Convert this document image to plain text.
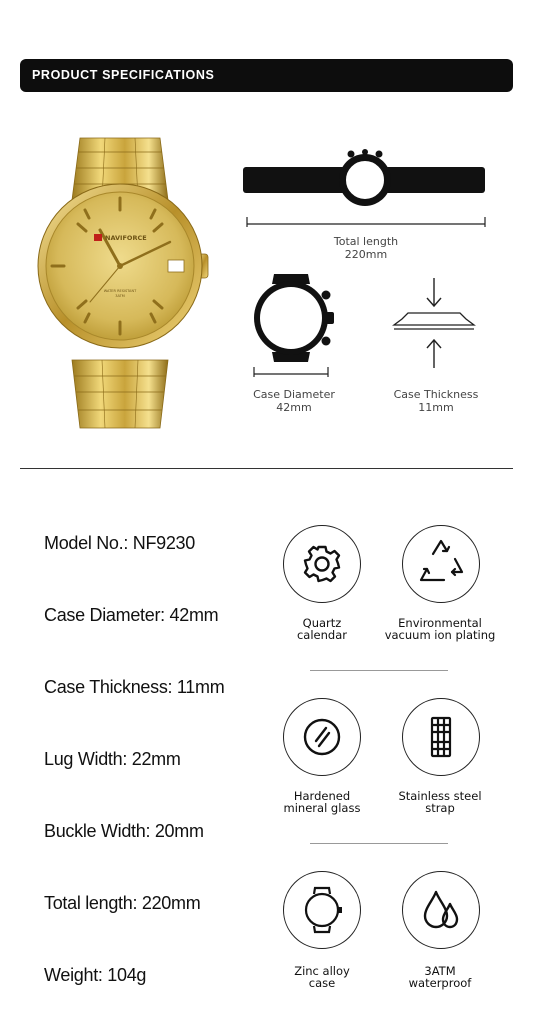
PRODUCT SPECIFICATIONS
NAVIFORCE
WATER RESISTANT
3ATM
Total length
220mm
Case Diameter
42mm
Case Thickness
11mm
Model No.: NF9230
Case Diameter: 42mm
Case Thickness: 11mm
Lug Width: 22mm
Buckle Width: 20mm
Total length: 220mm
Weight: 104g
Quartz
calendar
Environmental
vacuum ion plating
Hardened
mineral glass
Stainless steel
strap
Zinc alloy
case
3ATM
waterproof
